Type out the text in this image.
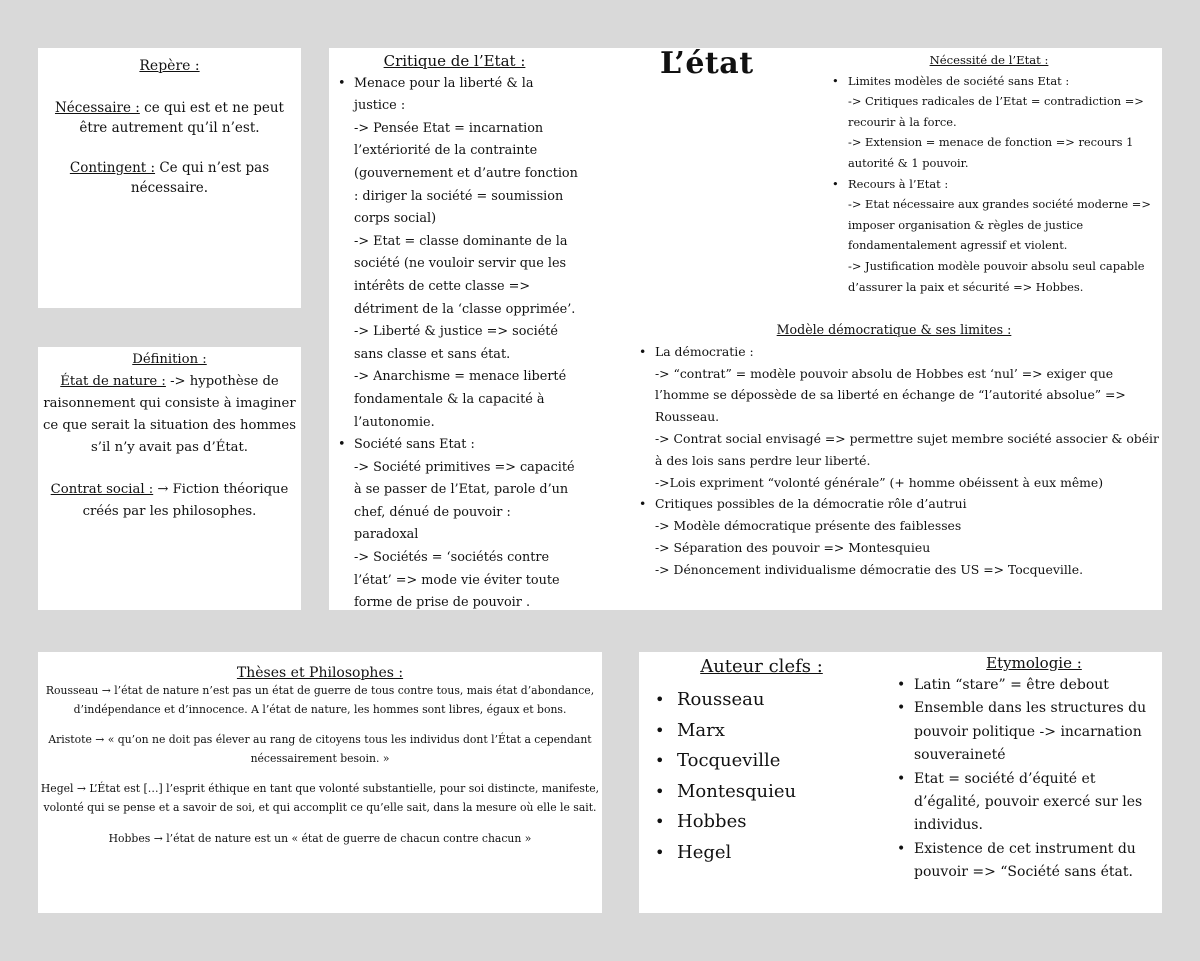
Repère :

Nécessaire : ce qui est et ne peut être autrement qu’il n’est.

Contingent : Ce qui n’est pas nécessaire.

Définition :

État de nature : -> hypothèse de raisonnement qui consiste à imaginer ce que serait la situation des hommes s’il n’y avait pas d’État.

Contrat social : → Fiction théorique créés par les philosophes.

Critique de l’Etat :
• Menace pour la liberté & la justice :
-> Pensée Etat = incarnation l’extériorité de la contrainte (gouvernement et d’autre fonction : diriger la société = soumission corps social)
-> Etat = classe dominante de la société (ne vouloir servir que les intérêts de cette classe => détriment de la ‘classe opprimée’.
-> Liberté & justice => société sans classe et sans état.
-> Anarchisme = menace liberté fondamentale & la capacité à l’autonomie.
• Société sans Etat :
-> Société primitives => capacité à se passer de l’Etat, parole d’un chef, dénué de pouvoir : paradoxal
-> Sociétés = ‘sociétés contre l’état’ => mode vie éviter toute forme de prise de pouvoir .
L’état	Nécessité de l’Etat :
• Limites modèles de société sans Etat :
-> Critiques radicales de l’Etat = contradiction => recourir à la force.
-> Extension = menace de fonction => recours 1 autorité & 1 pouvoir.
• Recours à l’Etat :
-> Etat nécessaire aux grandes société moderne => imposer organisation & règles de justice fondamentalement agressif et violent.
-> Justification modèle pouvoir absolu seul capable d’assurer la paix et sécurité => Hobbes.
Modèle démocratique & ses limites :
• La démocratie :
-> “contrat” = modèle pouvoir absolu de Hobbes est ‘nul’ => exiger que l’homme se dépossède de sa liberté en échange de “l’autorité absolue” => Rousseau.
-> Contrat social envisagé => permettre sujet membre société associer & obéir à des lois sans perdre leur liberté.
->Lois expriment “volonté générale” (+ homme obéissent à eux même)
• Critiques possibles de la démocratie rôle d’autrui
-> Modèle démocratique présente des faiblesses
-> Séparation des pouvoir => Montesquieu
-> Dénoncement individualisme démocratie des US => Tocqueville.
Thèses et Philosophes :

Rousseau → l’état de nature n’est pas un état de guerre de tous contre tous, mais état d’abondance, d’indépendance et d’innocence. A l’état de nature, les hommes sont libres, égaux et bons.

Aristote → « qu’on ne doit pas élever au rang de citoyens tous les individus dont l’État a cependant nécessairement besoin. »

Hegel → L’État est […] l’esprit éthique en tant que volonté substantielle, pour soi distincte, manifeste, volonté qui se pense et a savoir de soi, et qui accomplit ce qu’elle sait, dans la mesure où elle le sait.

Hobbes → l’état de nature est un « état de guerre de chacun contre chacun »

Auteur clefs :
• Rousseau
• Marx
• Tocqueville
• Montesquieu
• Hobbes
• Hegel
Etymologie :
• Latin “stare” = être debout
• Ensemble dans les structures du pouvoir politique -> incarnation souveraineté
• Etat = société d’équité et d’égalité, pouvoir exercé sur les individus.
• Existence de cet instrument du pouvoir => “Société sans état.
